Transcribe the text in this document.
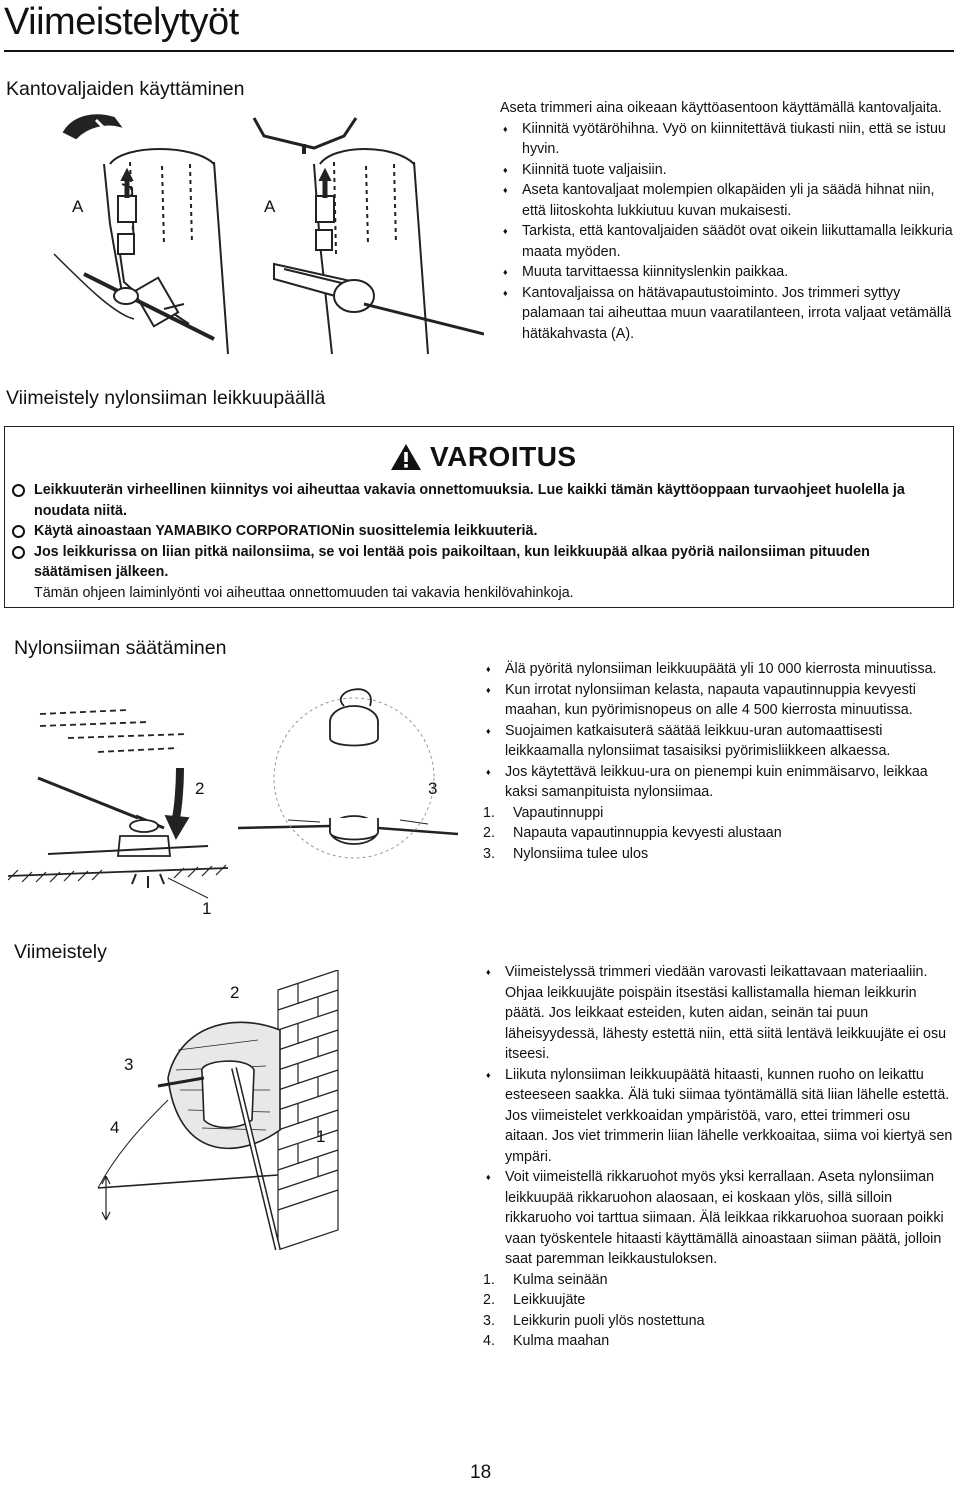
Viimeistelytyöt
Kantovaljaiden käyttäminen
A	A
Aseta trimmeri aina oikeaan käyttöasentoon käyttämällä kantovaljaita.
♦ Kiinnitä vyötäröhihna. Vyö on kiinnitettävä tiukasti niin, että se istuu hyvin.
♦ Kiinnitä tuote valjaisiin.
♦ Aseta kantovaljaat molempien olkapäiden yli ja säädä hihnat niin, että liitoskohta lukkiutuu kuvan mukaisesti.
♦ Tarkista, että kantovaljaiden säädöt ovat oikein liikuttamalla leikkuria maata myöden.
♦ Muuta tarvittaessa kiinnityslenkin paikkaa.
♦ Kantovaljaissa on hätävapautustoiminto. Jos trimmeri syttyy palamaan tai aiheuttaa muun vaaratilanteen, irrota valjaat vetämällä hätäkahvasta (A).
Viimeistely nylonsiiman leikkuupäällä
VAROITUS
Leikkuuterän virheellinen kiinnitys voi aiheuttaa vakavia onnettomuuksia. Lue kaikki tämän käyttöoppaan turvaohjeet huolella ja noudata niitä.
Käytä ainoastaan YAMABIKO CORPORATIONin suosittelemia leikkuuteriä.
Jos leikkurissa on liian pitkä nailonsiima, se voi lentää pois paikoiltaan, kun leikkuupää alkaa pyöriä nailonsiiman pituuden säätämisen jälkeen.
Tämän ohjeen laiminlyönti voi aiheuttaa onnettomuuden tai vakavia henkilövahinkoja.
Nylonsiiman säätäminen
2	3
1
♦ Älä pyöritä nylonsiiman leikkuupäätä yli 10 000 kierrosta minuutissa.
♦ Kun irrotat nylonsiiman kelasta, napauta vapautinnuppia kevyesti maahan, kun pyörimisnopeus on alle 4 500 kierrosta minuutissa.
♦ Suojaimen katkaisuterä säätää leikkuu-uran automaattisesti leikkaamalla nylonsiimat tasaisiksi pyörimisliikkeen alkaessa.
♦ Jos käytettävä leikkuu-ura on pienempi kuin enimmäisarvo, leikkaa kaksi samanpituista nylonsiimaa.
1. Vapautinnuppi
2. Napauta vapautinnuppia kevyesti alustaan
3. Nylonsiima tulee ulos
Viimeistely
2
3
4	1
♦ Viimeistelyssä trimmeri viedään varovasti leikattavaan materiaaliin. Ohjaa leikkuujäte poispäin itsestäsi kallistamalla hieman leikkurin päätä. Jos leikkaat esteiden, kuten aidan, seinän tai puun läheisyydessä, lähesty estettä niin, että siitä lentävä leikkuujäte ei osu itseesi.
♦ Liikuta nylonsiiman leikkuupäätä hitaasti, kunnen ruoho on leikattu esteeseen saakka. Älä tuki siimaa työntämällä sitä liian lähelle estettä. Jos viimeistelet verkkoaidan ympäristöä, varo, ettei trimmeri osu aitaan. Jos viet trimmerin liian lähelle verkkoaitaa, siima voi kiertyä sen ympäri.
♦ Voit viimeistellä rikkaruohot myös yksi kerrallaan. Aseta nylonsiiman leikkuupää rikkaruohon alaosaan, ei koskaan ylös, sillä silloin rikkaruoho voi tarttua siimaan. Älä leikkaa rikkaruohoa suoraan poikki vaan työskentele hitaasti käyttämällä ainoastaan siiman päätä, jolloin saat paremman leikkaustuloksen.
1. Kulma seinään
2. Leikkuujäte
3. Leikkurin puoli ylös nostettuna
4. Kulma maahan
18
